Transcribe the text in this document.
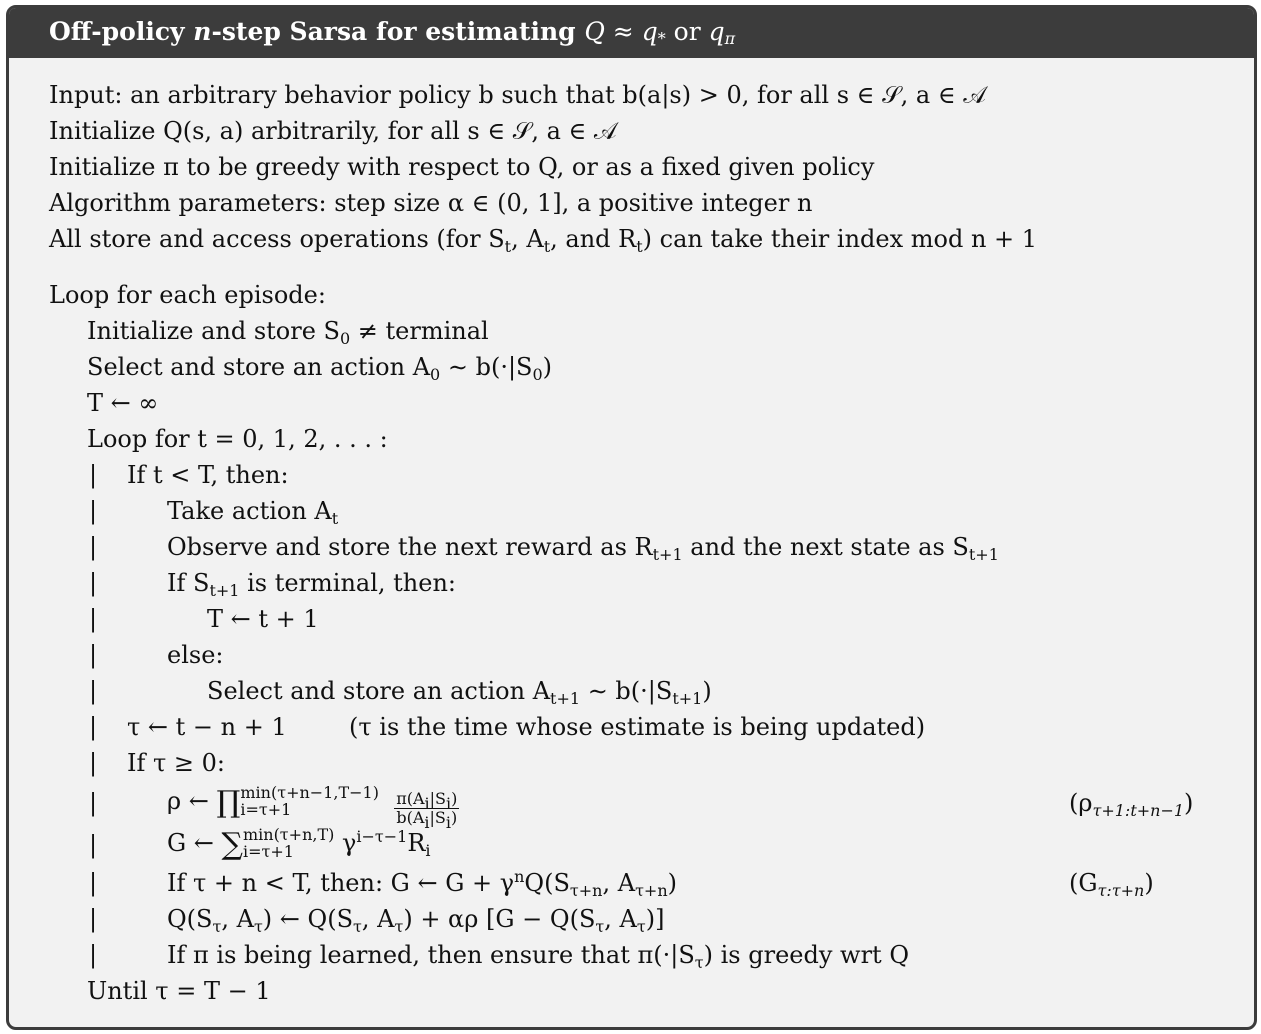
Off-policy n-step Sarsa for estimating $Q \approx q_*$ or $q_\pi$
Input: an arbitrary behavior policy b such that b(a|s) > 0, for all s ∈ 𝒮, a ∈ 𝒜
Initialize Q(s, a) arbitrarily, for all s ∈ 𝒮, a ∈ 𝒜
Initialize π to be greedy with respect to Q, or as a fixed given policy
Algorithm parameters: step size α ∈ (0, 1], a positive integer n
All store and access operations (for $S_t$, $A_t$, and $R_t$) can take their index mod n + 1
Loop for each episode:
Initialize and store $S_0$ ≠ terminal
Select and store an action $A_0$ ∼ $b(\cdot|S_0)$
T ← ∞
Loop for t = 0, 1, 2, . . . :
If t < T, then:
Take action $A_t$
Observe and store the next reward as $R_{t+1}$ and the next state as $S_{t+1}$
If $S_{t+1}$ is terminal, then:
T ← t + 1
else:
Select and store an action $A_{t+1}$ ∼ $b(\cdot|S_{t+1})$
τ ← t − n + 1	(τ is the time whose estimate is being updated)
If τ ≥ 0:
ρ ← ∏ min(τ+n−1,T−1)
i=τ+1
	$\frac{\pi(A_i|S_i)}{b(A_i|S_i)}$	$(\rho_{\tau+1:t+n-1})$
G ← ∑ min(τ+n,T)
i=τ+1	$\gamma^{i-\tau-1}R_i$
If τ + n < T, then: G ← $G + \gamma^nQ(S_{\tau+n}$, $A_{\tau+n}$)	$(G_{\tau:\tau+n})$
$Q(S_\tau$, $A_\tau$) ← $Q(S_\tau$, $A_\tau) + \alpha\rho$ [$G - Q(S_\tau$, $A_\tau$)]
If π is being learned, then ensure that $\pi(\cdot|S_\tau)$ is greedy wrt Q
Until τ = T − 1
|
|
|
|
|
|
|
|
|
|
|
|
|
|
